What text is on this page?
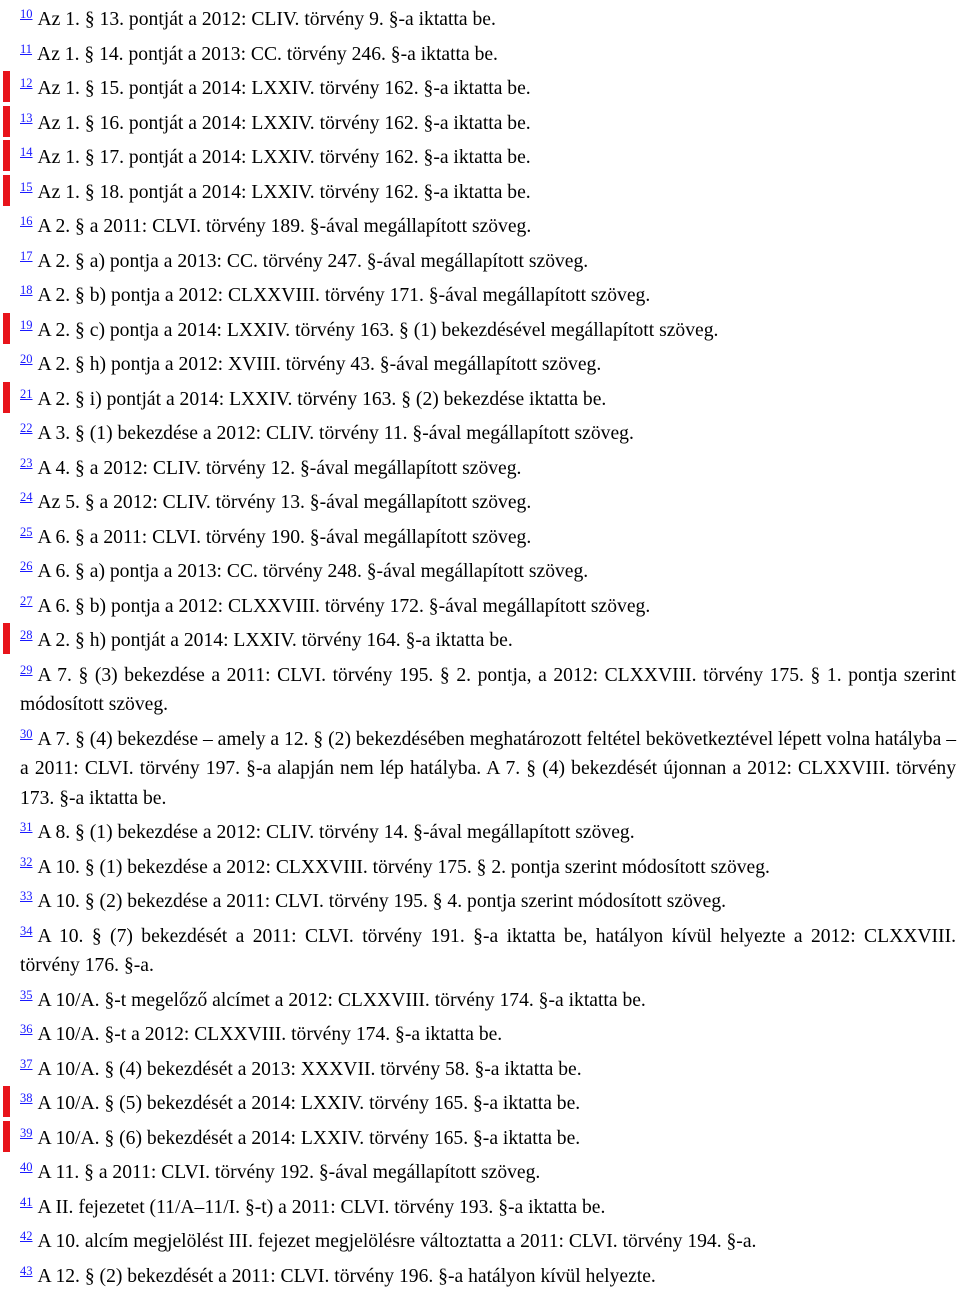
$^{10}$ Az 1. § 13. pontját a 2012: CLIV. törvény 9. §-a iktatta be.
$^{11}$ Az 1. § 14. pontját a 2013: CC. törvény 246. §-a iktatta be.
$^{12}$ Az 1. § 15. pontját a 2014: LXXIV. törvény 162. §-a iktatta be.
$^{13}$ Az 1. § 16. pontját a 2014: LXXIV. törvény 162. §-a iktatta be.
$^{14}$ Az 1. § 17. pontját a 2014: LXXIV. törvény 162. §-a iktatta be.
$^{15}$ Az 1. § 18. pontját a 2014: LXXIV. törvény 162. §-a iktatta be.
$^{16}$ A 2. § a 2011: CLVI. törvény 189. §-ával megállapított szöveg.
$^{17}$ A 2. § a) pontja a 2013: CC. törvény 247. §-ával megállapított szöveg.
$^{18}$ A 2. § b) pontja a 2012: CLXXVIII. törvény 171. §-ával megállapított szöveg.
$^{19}$ A 2. § c) pontja a 2014: LXXIV. törvény 163. § (1) bekezdésével megállapított szöveg.
$^{20}$ A 2. § h) pontja a 2012: XVIII. törvény 43. §-ával megállapított szöveg.
$^{21}$ A 2. § i) pontját a 2014: LXXIV. törvény 163. § (2) bekezdése iktatta be.
$^{22}$ A 3. § (1) bekezdése a 2012: CLIV. törvény 11. §-ával megállapított szöveg.
$^{23}$ A 4. § a 2012: CLIV. törvény 12. §-ával megállapított szöveg.
$^{24}$ Az 5. § a 2012: CLIV. törvény 13. §-ával megállapított szöveg.
$^{25}$ A 6. § a 2011: CLVI. törvény 190. §-ával megállapított szöveg.
$^{26}$ A 6. § a) pontja a 2013: CC. törvény 248. §-ával megállapított szöveg.
$^{27}$ A 6. § b) pontja a 2012: CLXXVIII. törvény 172. §-ával megállapított szöveg.
$^{28}$ A 2. § h) pontját a 2014: LXXIV. törvény 164. §-a iktatta be.
$^{29}$ A 7. § (3) bekezdése a 2011: CLVI. törvény 195. § 2. pontja, a 2012: CLXXVIII. törvény 175. § 1. pontja szerint módosított szöveg.
$^{30}$ A 7. § (4) bekezdése – amely a 12. § (2) bekezdésében meghatározott feltétel bekövetkeztével lépett volna hatályba – a 2011: CLVI. törvény 197. §-a alapján nem lép hatályba. A 7. § (4) bekezdését újonnan a 2012: CLXXVIII. törvény 173. §-a iktatta be.
$^{31}$ A 8. § (1) bekezdése a 2012: CLIV. törvény 14. §-ával megállapított szöveg.
$^{32}$ A 10. § (1) bekezdése a 2012: CLXXVIII. törvény 175. § 2. pontja szerint módosított szöveg.
$^{33}$ A 10. § (2) bekezdése a 2011: CLVI. törvény 195. § 4. pontja szerint módosított szöveg.
$^{34}$ A 10. § (7) bekezdését a 2011: CLVI. törvény 191. §-a iktatta be, hatályon kívül helyezte a 2012: CLXXVIII. törvény 176. §-a.
$^{35}$ A 10/A. §-t megelőző alcímet a 2012: CLXXVIII. törvény 174. §-a iktatta be.
$^{36}$ A 10/A. §-t a 2012: CLXXVIII. törvény 174. §-a iktatta be.
$^{37}$ A 10/A. § (4) bekezdését a 2013: XXXVII. törvény 58. §-a iktatta be.
$^{38}$ A 10/A. § (5) bekezdését a 2014: LXXIV. törvény 165. §-a iktatta be.
$^{39}$ A 10/A. § (6) bekezdését a 2014: LXXIV. törvény 165. §-a iktatta be.
$^{40}$ A 11. § a 2011: CLVI. törvény 192. §-ával megállapított szöveg.
$^{41}$ A II. fejezetet (11/A–11/I. §-t) a 2011: CLVI. törvény 193. §-a iktatta be.
$^{42}$ A 10. alcím megjelölést III. fejezet megjelölésre változtatta a 2011: CLVI. törvény 194. §-a.
$^{43}$ A 12. § (2) bekezdését a 2011: CLVI. törvény 196. §-a hatályon kívül helyezte.
